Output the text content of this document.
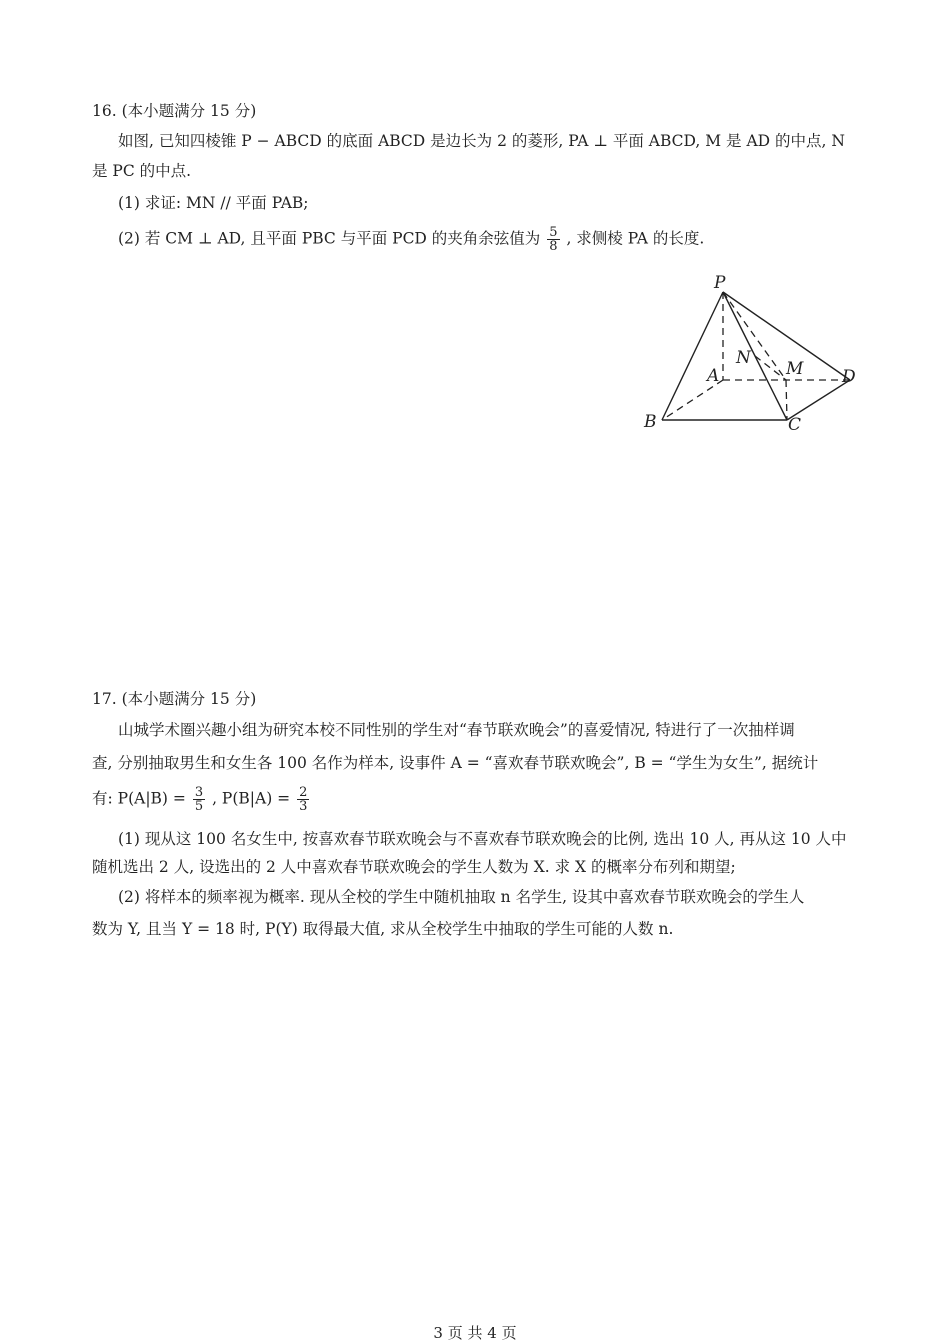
16. (本小题满分 15 分)
如图, 已知四棱锥 P − ABCD 的底面 ABCD 是边长为 2 的菱形, PA ⊥ 平面 ABCD, M 是 AD 的中点, N
是 PC 的中点.
(1) 求证: MN // 平面 PAB;
(2) 若 CM ⊥ AD, 且平面 PBC 与平面 PCD 的夹角余弦值为 $\frac{5}{8}$ , 求侧棱 PA 的长度.
P
A
B	C
D
M
N
17. (本小题满分 15 分)
山城学术圈兴趣小组为研究本校不同性别的学生对“春节联欢晚会”的喜爱情况, 特进行了一次抽样调
查, 分别抽取男生和女生各 100 名作为样本, 设事件 A = “喜欢春节联欢晚会”, B = “学生为女生”, 据统计
有: $P(A|B) = \frac{3}{5}$ , $P(B|A) = \frac{2}{3}$
(1) 现从这 100 名女生中, 按喜欢春节联欢晚会与不喜欢春节联欢晚会的比例, 选出 10 人, 再从这 10 人中
随机选出 2 人, 设选出的 2 人中喜欢春节联欢晚会的学生人数为 X. 求 X 的概率分布列和期望;
(2) 将样本的频率视为概率. 现从全校的学生中随机抽取 n 名学生, 设其中喜欢春节联欢晚会的学生人
数为 Y, 且当 Y = 18 时, P(Y) 取得最大值, 求从全校学生中抽取的学生可能的人数 n.
3 页 共 4 页
